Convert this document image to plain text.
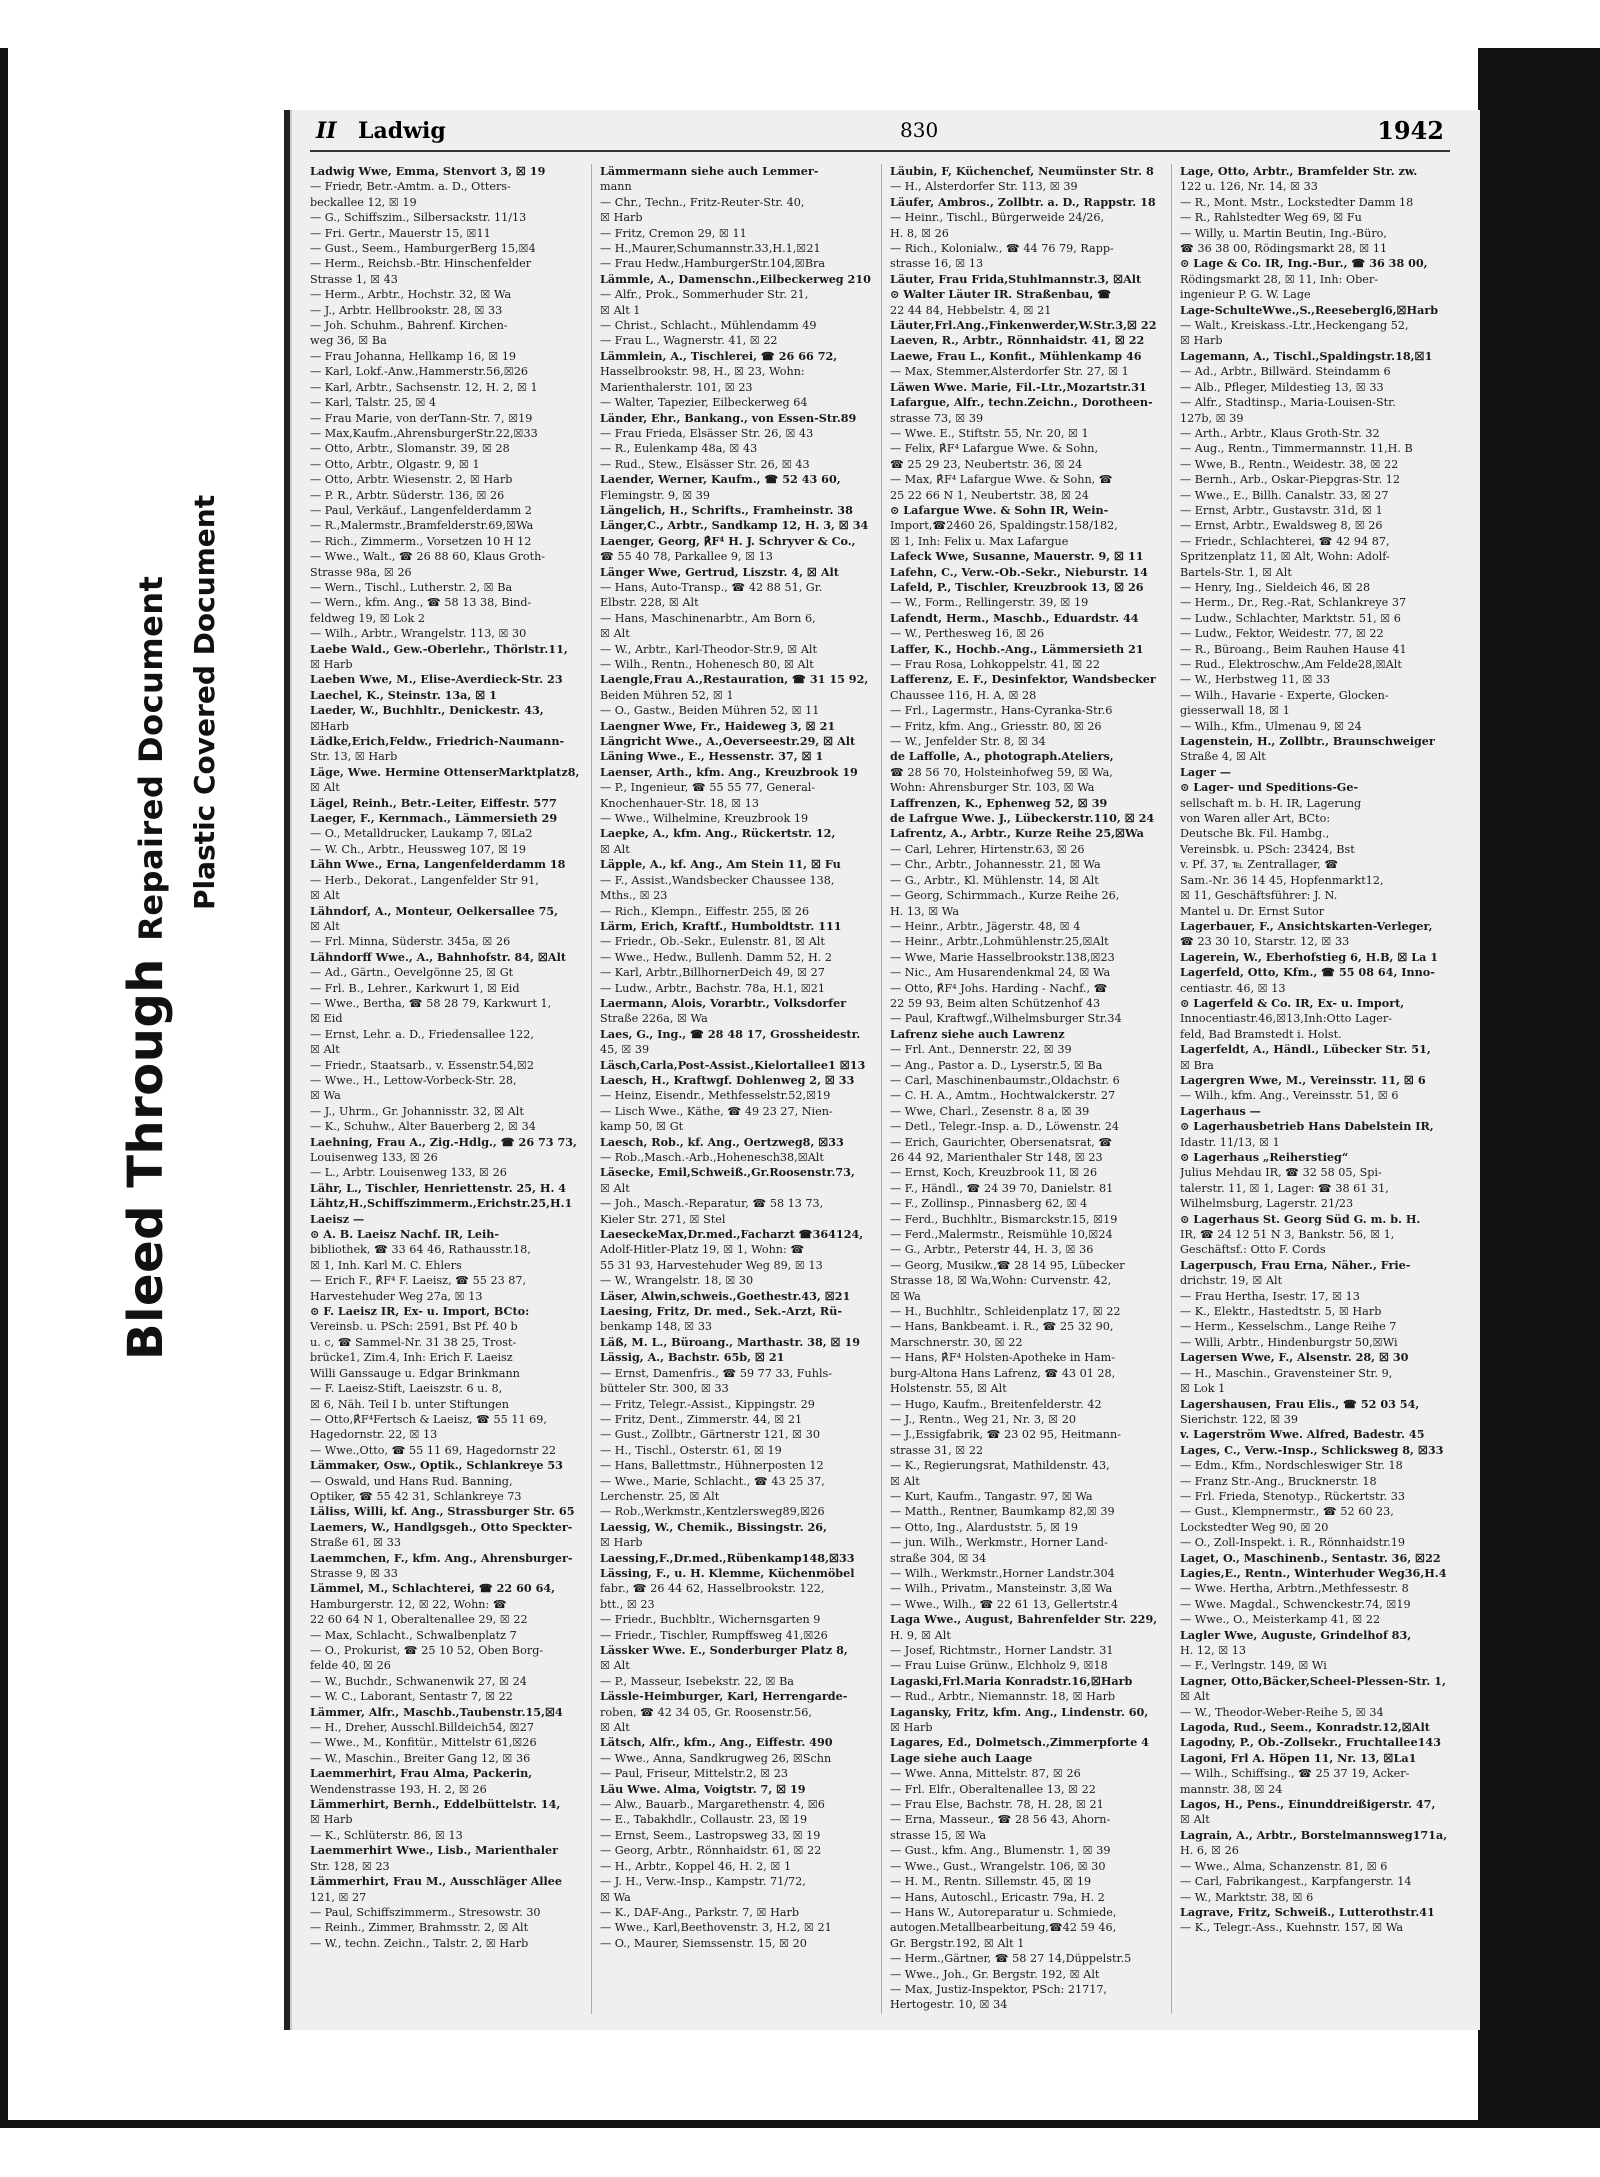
Bleed Through Repaired Document Plastic Covered Document
II Ladwig	830	1942
Ladwig Wwe, Emma, Stenvort 3, ☒ 19
— Friedr, Betr.-Amtm. a. D., Otters-
beckallee 12, ☒ 19
— G., Schiffszim., Silbersackstr. 11/13
— Fri. Gertr., Mauerstr 15, ☒11
— Gust., Seem., HamburgerBerg 15,☒4
— Herm., Reichsb.-Btr. Hinschenfelder
Strasse 1, ☒ 43
— Herm., Arbtr., Hochstr. 32, ☒ Wa
— J., Arbtr. Hellbrookstr. 28, ☒ 33
— Joh. Schuhm., Bahrenf. Kirchen-
weg 36, ☒ Ba
— Frau Johanna, Hellkamp 16, ☒ 19
— Karl, Lokf.-Anw.,Hammerstr.56,☒26
— Karl, Arbtr., Sachsenstr. 12, H. 2, ☒ 1
— Karl, Talstr. 25, ☒ 4
— Frau Marie, von derTann-Str. 7, ☒19
— Max,Kaufm.,AhrensburgerStr.22,☒33
— Otto, Arbtr., Slomanstr. 39, ☒ 28
— Otto, Arbtr., Olgastr. 9, ☒ 1
— Otto, Arbtr. Wiesenstr. 2, ☒ Harb
— P. R., Arbtr. Süderstr. 136, ☒ 26
— Paul, Verkäuf., Langenfelderdamm 2
— R.,Malermstr.,Bramfelderstr.69,☒Wa
— Rich., Zimmerm., Vorsetzen 10 H 12
— Wwe., Walt., ☎ 26 88 60, Klaus Groth-
Strasse 98a, ☒ 26
— Wern., Tischl., Lutherstr. 2, ☒ Ba
— Wern., kfm. Ang., ☎ 58 13 38, Bind-
feldweg 19, ☒ Lok 2
— Wilh., Arbtr., Wrangelstr. 113, ☒ 30
Laebe Wald., Gew.-Oberlehr., Thörlstr.11,
☒ Harb
Laeben Wwe, M., Elise-Averdieck-Str. 23
Laechel, K., Steinstr. 13a, ☒ 1
Laeder, W., Buchhltr., Denickestr. 43,
☒Harb
Lädke,Erich,Feldw., Friedrich-Naumann-
Str. 13, ☒ Harb
Läge, Wwe. Hermine OttenserMarktplatz8,
☒ Alt
Lägel, Reinh., Betr.-Leiter, Eiffestr. 577
Laeger, F., Kernmach., Lämmersieth 29
— O., Metalldrucker, Laukamp 7, ☒La2
— W. Ch., Arbtr., Heussweg 107, ☒ 19
Lähn Wwe., Erna, Langenfelderdamm 18
— Herb., Dekorat., Langenfelder Str 91,
☒ Alt
Lähndorf, A., Monteur, Oelkersallee 75,
☒ Alt
— Frl. Minna, Süderstr. 345a, ☒ 26
Lähndorff Wwe., A., Bahnhofstr. 84, ☒Alt
— Ad., Gärtn., Oevelgönne 25, ☒ Gt
— Frl. B., Lehrer., Karkwurt 1, ☒ Eid
— Wwe., Bertha, ☎ 58 28 79, Karkwurt 1,
☒ Eid
— Ernst, Lehr. a. D., Friedensallee 122,
☒ Alt
— Friedr., Staatsarb., v. Essenstr.54,☒2
— Wwe., H., Lettow-Vorbeck-Str. 28,
☒ Wa
— J., Uhrm., Gr. Johannisstr. 32, ☒ Alt
— K., Schuhw., Alter Bauerberg 2, ☒ 34
Laehning, Frau A., Zig.-Hdlg., ☎ 26 73 73,
Louisenweg 133, ☒ 26
— L., Arbtr. Louisenweg 133, ☒ 26
Lähr, L., Tischler, Henriettenstr. 25, H. 4
Lähtz,H.,Schiffszimmerm.,Erichstr.25,H.1
Laeisz —
⊙ A. B. Laeisz Nachf. IR, Leih-
bibliothek, ☎ 33 64 46, Rathausstr.18,
☒ 1, Inh. Karl M. C. Ehlers
— Erich F., ℟F⁴ F. Laeisz, ☎ 55 23 87,
Harvestehuder Weg 27a, ☒ 13
⊙ F. Laeisz IR, Ex- u. Import, BCto:
Vereinsb. u. PSch: 2591, Bst Pf. 40 b
u. c, ☎ Sammel-Nr. 31 38 25, Trost-
brücke1, Zim.4, Inh: Erich F. Laeisz
Willi Ganssauge u. Edgar Brinkmann
— F. Laeisz-Stift, Laeiszstr. 6 u. 8,
☒ 6, Näh. Teil I b. unter Stiftungen
— Otto,℟F⁴Fertsch & Laeisz, ☎ 55 11 69,
Hagedornstr. 22, ☒ 13
— Wwe.,Otto, ☎ 55 11 69, Hagedornstr 22
Lämmaker, Osw., Optik., Schlankreye 53
— Oswald, und Hans Rud. Banning,
Optiker, ☎ 55 42 31, Schlankreye 73
Läliss, Willi, kf. Ang., Strassburger Str. 65
Laemers, W., Handlgsgeh., Otto Speckter-
Straße 61, ☒ 33
Laemmchen, F., kfm. Ang., Ahrensburger-
Strasse 9, ☒ 33
Lämmel, M., Schlachterei, ☎ 22 60 64,
Hamburgerstr. 12, ☒ 22, Wohn: ☎
22 60 64 N 1, Oberaltenallee 29, ☒ 22
— Max, Schlacht., Schwalbenplatz 7
— O., Prokurist, ☎ 25 10 52, Oben Borg-
felde 40, ☒ 26
— W., Buchdr., Schwanenwik 27, ☒ 24
— W. C., Laborant, Sentastr 7, ☒ 22
Lämmer, Alfr., Maschb.,Taubenstr.15,☒4
— H., Dreher, Ausschl.Billdeich54, ☒27
— Wwe., M., Konfitür., Mittelstr 61,☒26
— W., Maschin., Breiter Gang 12, ☒ 36
Laemmerhirt, Frau Alma, Packerin,
Wendenstrasse 193, H. 2, ☒ 26
Lämmerhirt, Bernh., Eddelbüttelstr. 14,
☒ Harb
— K., Schlüterstr. 86, ☒ 13
Laemmerhirt Wwe., Lisb., Marienthaler
Str. 128, ☒ 23
Lämmerhirt, Frau M., Ausschläger Allee
121, ☒ 27
— Paul, Schiffszimmerm., Stresowstr. 30
— Reinh., Zimmer, Brahmsstr. 2, ☒ Alt
— W., techn. Zeichn., Talstr. 2, ☒ Harb
Lämmermann siehe auch Lemmer-
mann
— Chr., Techn., Fritz-Reuter-Str. 40,
☒ Harb
— Fritz, Cremon 29, ☒ 11
— H.,Maurer,Schumannstr.33,H.1,☒21
— Frau Hedw.,HamburgerStr.104,☒Bra
Lämmle, A., Damenschn.,Eilbeckerweg 210
— Alfr., Prok., Sommerhuder Str. 21,
☒ Alt 1
— Christ., Schlacht., Mühlendamm 49
— Frau L., Wagnerstr. 41, ☒ 22
Lämmlein, A., Tischlerei, ☎ 26 66 72,
Hasselbrookstr. 98, H., ☒ 23, Wohn:
Marienthalerstr. 101, ☒ 23
— Walter, Tapezier, Eilbeckerweg 64
Länder, Ehr., Bankang., von Essen-Str.89
— Frau Frieda, Elsässer Str. 26, ☒ 43
— R., Eulenkamp 48a, ☒ 43
— Rud., Stew., Elsässer Str. 26, ☒ 43
Laender, Werner, Kaufm., ☎ 52 43 60,
Flemingstr. 9, ☒ 39
Längelich, H., Schrifts., Framheinstr. 38
Länger,C., Arbtr., Sandkamp 12, H. 3, ☒ 34
Laenger, Georg, ℟F⁴ H. J. Schryver & Co.,
☎ 55 40 78, Parkallee 9, ☒ 13
Länger Wwe, Gertrud, Liszstr. 4, ☒ Alt
— Hans, Auto-Transp., ☎ 42 88 51, Gr.
Elbstr. 228, ☒ Alt
— Hans, Maschinenarbtr., Am Born 6,
☒ Alt
— W., Arbtr., Karl-Theodor-Str.9, ☒ Alt
— Wilh., Rentn., Hohenesch 80, ☒ Alt
Laengle,Frau A.,Restauration, ☎ 31 15 92,
Beiden Mühren 52, ☒ 1
— O., Gastw., Beiden Mühren 52, ☒ 11
Laengner Wwe, Fr., Haideweg 3, ☒ 21
Längricht Wwe., A.,Oeverseestr.29, ☒ Alt
Läning Wwe., E., Hessenstr. 37, ☒ 1
Laenser, Arth., kfm. Ang., Kreuzbrook 19
— P., Ingenieur, ☎ 55 55 77, General-
Knochenhauer-Str. 18, ☒ 13
— Wwe., Wilhelmine, Kreuzbrook 19
Laepke, A., kfm. Ang., Rückertstr. 12,
☒ Alt
Läpple, A., kf. Ang., Am Stein 11, ☒ Fu
— F., Assist.,Wandsbecker Chaussee 138,
Mths., ☒ 23
— Rich., Klempn., Eiffestr. 255, ☒ 26
Lärm, Erich, Kraftf., Humboldtstr. 111
— Friedr., Ob.-Sekr., Eulenstr. 81, ☒ Alt
— Wwe., Hedw., Bullenh. Damm 52, H. 2
— Karl, Arbtr.,BillhornerDeich 49, ☒ 27
— Ludw., Arbtr., Bachstr. 78a, H.1, ☒21
Laermann, Alois, Vorarbtr., Volksdorfer
Straße 226a, ☒ Wa
Laes, G., Ing., ☎ 28 48 17, Grossheidestr.
45, ☒ 39
Läsch,Carla,Post-Assist.,Kielortallee1 ☒13
Laesch, H., Kraftwgf. Dohlenweg 2, ☒ 33
— Heinz, Eisendr., Methfesselstr.52,☒19
— Lisch Wwe., Käthe, ☎ 49 23 27, Nien-
kamp 50, ☒ Gt
Laesch, Rob., kf. Ang., Oertzweg8, ☒33
— Rob.,Masch.-Arb.,Hohenesch38,☒Alt
Läsecke, Emil,Schweiß.,Gr.Roosenstr.73,
☒ Alt
— Joh., Masch.-Reparatur, ☎ 58 13 73,
Kieler Str. 271, ☒ Stel
LaeseckeMax,Dr.med.,Facharzt ☎364124,
Adolf-Hitler-Platz 19, ☒ 1, Wohn: ☎
55 31 93, Harvestehuder Weg 89, ☒ 13
— W., Wrangelstr. 18, ☒ 30
Läser, Alwin,schweis.,Goethestr.43, ☒21
Laesing, Fritz, Dr. med., Sek.-Arzt, Rü-
benkamp 148, ☒ 33
Läß, M. L., Büroang., Marthastr. 38, ☒ 19
Lässig, A., Bachstr. 65b, ☒ 21
— Ernst, Damenfris., ☎ 59 77 33, Fuhls-
bütteler Str. 300, ☒ 33
— Fritz, Telegr.-Assist., Kippingstr. 29
— Fritz, Dent., Zimmerstr. 44, ☒ 21
— Gust., Zollbtr., Gärtnerstr 121, ☒ 30
— H., Tischl., Osterstr. 61, ☒ 19
— Hans, Ballettmstr., Hühnerposten 12
— Wwe., Marie, Schlacht., ☎ 43 25 37,
Lerchenstr. 25, ☒ Alt
— Rob.,Werkmstr.,Kentzlersweg89,☒26
Laessig, W., Chemik., Bissingstr. 26,
☒ Harb
Laessing,F.,Dr.med.,Rübenkamp148,☒33
Lässing, F., u. H. Klemme, Küchenmöbel
fabr., ☎ 26 44 62, Hasselbrookstr. 122,
btt., ☒ 23
— Friedr., Buchbltr., Wichernsgarten 9
— Friedr., Tischler, Rumpffsweg 41,☒26
Lässker Wwe. E., Sonderburger Platz 8,
☒ Alt
— P., Masseur, Isebekstr. 22, ☒ Ba
Lässle-Heimburger, Karl, Herrengarde-
roben, ☎ 42 34 05, Gr. Roosenstr.56,
☒ Alt
Lätsch, Alfr., kfm., Ang., Eiffestr. 490
— Wwe., Anna, Sandkrugweg 26, ☒Schn
— Paul, Friseur, Mittelstr.2, ☒ 23
Läu Wwe. Alma, Voigtstr. 7, ☒ 19
— Alw., Bauarb., Margarethenstr. 4, ☒6
— E., Tabakhdlr., Collaustr. 23, ☒ 19
— Ernst, Seem., Lastropsweg 33, ☒ 19
— Georg, Arbtr., Rönnhaidstr. 61, ☒ 22
— H., Arbtr., Koppel 46, H. 2, ☒ 1
— J. H., Verw.-Insp., Kampstr. 71/72,
☒ Wa
— K., DAF-Ang., Parkstr. 7, ☒ Harb
— Wwe., Karl,Beethovenstr. 3, H.2, ☒ 21
— O., Maurer, Siemssenstr. 15, ☒ 20
Läubin, F, Küchenchef, Neumünster Str. 8
— H., Alsterdorfer Str. 113, ☒ 39
Läufer, Ambros., Zollbtr. a. D., Rappstr. 18
— Heinr., Tischl., Bürgerweide 24/26,
H. 8, ☒ 26
— Rich., Kolonialw., ☎ 44 76 79, Rapp-
strasse 16, ☒ 13
Läuter, Frau Frida,Stuhlmannstr.3, ☒Alt
⊙ Walter Läuter IR. Straßenbau, ☎
22 44 84, Hebbelstr. 4, ☒ 21
Läuter,Frl.Ang.,Finkenwerder,W.Str.3,☒ 22
Laeven, R., Arbtr., Rönnhaidstr. 41, ☒ 22
Laewe, Frau L., Konfit., Mühlenkamp 46
— Max, Stemmer,Alsterdorfer Str. 27, ☒ 1
Läwen Wwe. Marie, Fil.-Ltr.,Mozartstr.31
Lafargue, Alfr., techn.Zeichn., Dorotheen-
strasse 73, ☒ 39
— Wwe. E., Stiftstr. 55, Nr. 20, ☒ 1
— Felix, ℟F⁴ Lafargue Wwe. & Sohn,
☎ 25 29 23, Neubertstr. 36, ☒ 24
— Max, ℟F⁴ Lafargue Wwe. & Sohn, ☎
25 22 66 N 1, Neubertstr. 38, ☒ 24
⊙ Lafargue Wwe. & Sohn IR, Wein-
Import,☎2460 26, Spaldingstr.158/182,
☒ 1, Inh: Felix u. Max Lafargue
Lafeck Wwe, Susanne, Mauerstr. 9, ☒ 11
Lafehn, C., Verw.-Ob.-Sekr., Nieburstr. 14
Lafeld, P., Tischler, Kreuzbrook 13, ☒ 26
— W., Form., Rellingerstr. 39, ☒ 19
Lafendt, Herm., Maschb., Eduardstr. 44
— W., Perthesweg 16, ☒ 26
Laffer, K., Hochb.-Ang., Lämmersieth 21
— Frau Rosa, Lohkoppelstr. 41, ☒ 22
Lafferenz, E. F., Desinfektor, Wandsbecker
Chaussee 116, H. A, ☒ 28
— Frl., Lagermstr., Hans-Cyranka-Str.6
— Fritz, kfm. Ang., Griesstr. 80, ☒ 26
— W., Jenfelder Str. 8, ☒ 34
de Laffolle, A., photograph.Ateliers,
☎ 28 56 70, Holsteinhofweg 59, ☒ Wa,
Wohn: Ahrensburger Str. 103, ☒ Wa
Laffrenzen, K., Ephenweg 52, ☒ 39
de Lafrgue Wwe. J., Lübeckerstr.110, ☒ 24
Lafrentz, A., Arbtr., Kurze Reihe 25,☒Wa
— Carl, Lehrer, Hirtenstr.63, ☒ 26
— Chr., Arbtr., Johannesstr. 21, ☒ Wa
— G., Arbtr., Kl. Mühlenstr. 14, ☒ Alt
— Georg, Schirmmach., Kurze Reihe 26,
H. 13, ☒ Wa
— Heinr., Arbtr., Jägerstr. 48, ☒ 4
— Heinr., Arbtr.,Lohmühlenstr.25,☒Alt
— Wwe, Marie Hasselbrookstr.138,☒23
— Nic., Am Husarendenkmal 24, ☒ Wa
— Otto, ℟F⁴ Johs. Harding - Nachf., ☎
22 59 93, Beim alten Schützenhof 43
— Paul, Kraftwgf.,Wilhelmsburger Str.34
Lafrenz siehe auch Lawrenz
— Frl. Ant., Dennerstr. 22, ☒ 39
— Ang., Pastor a. D., Lyserstr.5, ☒ Ba
— Carl, Maschinenbaumstr.,Oldachstr. 6
— C. H. A., Amtm., Hochtwalckerstr. 27
— Wwe, Charl., Zesenstr. 8 a, ☒ 39
— Detl., Telegr.-Insp. a. D., Löwenstr. 24
— Erich, Gaurichter, Obersenatsrat, ☎
26 44 92, Marienthaler Str 148, ☒ 23
— Ernst, Koch, Kreuzbrook 11, ☒ 26
— F., Händl., ☎ 24 39 70, Danielstr. 81
— F., Zollinsp., Pinnasberg 62, ☒ 4
— Ferd., Buchhltr., Bismarckstr.15, ☒19
— Ferd.,Malermstr., Reismühle 10,☒24
— G., Arbtr., Peterstr 44, H. 3, ☒ 36
— Georg, Musikw.,☎ 28 14 95, Lübecker
Strasse 18, ☒ Wa,Wohn: Curvenstr. 42,
☒ Wa
— H., Buchhltr., Schleidenplatz 17, ☒ 22
— Hans, Bankbeamt. i. R., ☎ 25 32 90,
Marschnerstr. 30, ☒ 22
— Hans, ℟F⁴ Holsten-Apotheke in Ham-
burg-Altona Hans Lafrenz, ☎ 43 01 28,
Holstenstr. 55, ☒ Alt
— Hugo, Kaufm., Breitenfelderstr. 42
— J., Rentn., Weg 21, Nr. 3, ☒ 20
— J.,Essigfabrik, ☎ 23 02 95, Heitmann-
strasse 31, ☒ 22
— K., Regierungsrat, Mathildenstr. 43,
☒ Alt
— Kurt, Kaufm., Tangastr. 97, ☒ Wa
— Matth., Rentner, Baumkamp 82,☒ 39
— Otto, Ing., Alarduststr. 5, ☒ 19
— jun. Wilh., Werkmstr., Horner Land-
straße 304, ☒ 34
— Wilh., Werkmstr.,Horner Landstr.304
— Wilh., Privatm., Mansteinstr. 3,☒ Wa
— Wwe., Wilh., ☎ 22 61 13, Gellertstr.4
Laga Wwe., August, Bahrenfelder Str. 229,
H. 9, ☒ Alt
— Josef, Richtmstr., Horner Landstr. 31
— Frau Luise Grünw., Elchholz 9, ☒18
Lagaski,Frl.Maria Konradstr.16,☒Harb
— Rud., Arbtr., Niemannstr. 18, ☒ Harb
Lagansky, Fritz, kfm. Ang., Lindenstr. 60,
☒ Harb
Lagares, Ed., Dolmetsch.,Zimmerpforte 4
Lage siehe auch Laage
— Wwe. Anna, Mittelstr. 87, ☒ 26
— Frl. Elfr., Oberaltenallee 13, ☒ 22
— Frau Else, Bachstr. 78, H. 28, ☒ 21
— Erna, Masseur., ☎ 28 56 43, Ahorn-
strasse 15, ☒ Wa
— Gust., kfm. Ang., Blumenstr. 1, ☒ 39
— Wwe., Gust., Wrangelstr. 106, ☒ 30
— H. M., Rentn. Sillemstr. 45, ☒ 19
— Hans, Autoschl., Ericastr. 79a, H. 2
— Hans W., Autoreparatur u. Schmiede,
autogen.Metallbearbeitung,☎42 59 46,
Gr. Bergstr.192, ☒ Alt 1
— Herm.,Gärtner, ☎ 58 27 14,Düppelstr.5
— Wwe., Joh., Gr. Bergstr. 192, ☒ Alt
— Max, Justiz-Inspektor, PSch: 21717,
Hertogestr. 10, ☒ 34
Lage, Otto, Arbtr., Bramfelder Str. zw.
122 u. 126, Nr. 14, ☒ 33
— R., Mont. Mstr., Lockstedter Damm 18
— R., Rahlstedter Weg 69, ☒ Fu
— Willy, u. Martin Beutin, Ing.-Büro,
☎ 36 38 00, Rödingsmarkt 28, ☒ 11
⊙ Lage & Co. IR, Ing.-Bur., ☎ 36 38 00,
Rödingsmarkt 28, ☒ 11, Inh: Ober-
ingenieur P. G. W. Lage
Lage-SchulteWwe.,S.,Reesebergl6,☒Harb
— Walt., Kreiskass.-Ltr.,Heckengang 52,
☒ Harb
Lagemann, A., Tischl.,Spaldingstr.18,☒1
— Ad., Arbtr., Billwärd. Steindamm 6
— Alb., Pfleger, Mildestieg 13, ☒ 33
— Alfr., Stadtinsp., Maria-Louisen-Str.
127b, ☒ 39
— Arth., Arbtr., Klaus Groth-Str. 32
— Aug., Rentn., Timmermannstr. 11,H. B
— Wwe, B., Rentn., Weidestr. 38, ☒ 22
— Bernh., Arb., Oskar-Piepgras-Str. 12
— Wwe., E., Billh. Canalstr. 33, ☒ 27
— Ernst, Arbtr., Gustavstr. 31d, ☒ 1
— Ernst, Arbtr., Ewaldsweg 8, ☒ 26
— Friedr., Schlachterei, ☎ 42 94 87,
Spritzenplatz 11, ☒ Alt, Wohn: Adolf-
Bartels-Str. 1, ☒ Alt
— Henry, Ing., Sieldeich 46, ☒ 28
— Herm., Dr., Reg.-Rat, Schlankreye 37
— Ludw., Schlachter, Marktstr. 51, ☒ 6
— Ludw., Fektor, Weidestr. 77, ☒ 22
— R., Büroang., Beim Rauhen Hause 41
— Rud., Elektroschw.,Am Felde28,☒Alt
— W., Herbstweg 11, ☒ 33
— Wilh., Havarie - Experte, Glocken-
giesserwall 18, ☒ 1
— Wilh., Kfm., Ulmenau 9, ☒ 24
Lagenstein, H., Zollbtr., Braunschweiger
Straße 4, ☒ Alt
Lager —
⊙ Lager- und Speditions-Ge-
sellschaft m. b. H. IR, Lagerung
von Waren aller Art, BCto:
Deutsche Bk. Fil. Hambg.,
Vereinsbk. u. PSch: 23424, Bst
v. Pf. 37, ℡ Zentrallager, ☎
Sam.-Nr. 36 14 45, Hopfenmarkt12,
☒ 11, Geschäftsführer: J. N.
Mantel u. Dr. Ernst Sutor
Lagerbauer, F., Ansichtskarten-Verleger,
☎ 23 30 10, Starstr. 12, ☒ 33
Lagerein, W., Eberhofstieg 6, H.B, ☒ La 1
Lagerfeld, Otto, Kfm., ☎ 55 08 64, Inno-
centiastr. 46, ☒ 13
⊙ Lagerfeld & Co. IR, Ex- u. Import,
Innocentiastr.46,☒13,Inh:Otto Lager-
feld, Bad Bramstedt i. Holst.
Lagerfeldt, A., Händl., Lübecker Str. 51,
☒ Bra
Lagergren Wwe, M., Vereinsstr. 11, ☒ 6
— Wilh., kfm. Ang., Vereinsstr. 51, ☒ 6
Lagerhaus —
⊙ Lagerhausbetrieb Hans Dabelstein IR,
Idastr. 11/13, ☒ 1
⊙ Lagerhaus „Reiherstieg“
Julius Mehdau IR, ☎ 32 58 05, Spi-
talerstr. 11, ☒ 1, Lager: ☎ 38 61 31,
Wilhelmsburg, Lagerstr. 21/23
⊙ Lagerhaus St. Georg Süd G. m. b. H.
IR, ☎ 24 12 51 N 3, Bankstr. 56, ☒ 1,
Geschäftsf.: Otto F. Cords
Lagerpusch, Frau Erna, Näher., Frie-
drichstr. 19, ☒ Alt
— Frau Hertha, Isestr. 17, ☒ 13
— K., Elektr., Hastedtstr. 5, ☒ Harb
— Herm., Kesselschm., Lange Reihe 7
— Willi, Arbtr., Hindenburgstr 50,☒Wi
Lagersen Wwe, F., Alsenstr. 28, ☒ 30
— H., Maschin., Gravensteiner Str. 9,
☒ Lok 1
Lagershausen, Frau Elis., ☎ 52 03 54,
Sierichstr. 122, ☒ 39
v. Lagerström Wwe. Alfred, Badestr. 45
Lages, C., Verw.-Insp., Schlicksweg 8, ☒33
— Edm., Kfm., Nordschleswiger Str. 18
— Franz Str.-Ang., Brucknerstr. 18
— Frl. Frieda, Stenotyp., Rückertstr. 33
— Gust., Klempnermstr., ☎ 52 60 23,
Lockstedter Weg 90, ☒ 20
— O., Zoll-Inspekt. i. R., Rönnhaidstr.19
Laget, O., Maschinenb., Sentastr. 36, ☒22
Lagies,E., Rentn., Winterhuder Weg36,H.4
— Wwe. Hertha, Arbtrn.,Methfessestr. 8
— Wwe. Magdal., Schwenckestr.74, ☒19
— Wwe., O., Meisterkamp 41, ☒ 22
Lagler Wwe, Auguste, Grindelhof 83,
H. 12, ☒ 13
— F., Verlngstr. 149, ☒ Wi
Lagner, Otto,Bäcker,Scheel-Plessen-Str. 1,
☒ Alt
— W., Theodor-Weber-Reihe 5, ☒ 34
Lagoda, Rud., Seem., Konradstr.12,☒Alt
Lagodny, P., Ob.-Zollsekr., Fruchtallee143
Lagoni, Frl A. Höpen 11, Nr. 13, ☒La1
— Wilh., Schiffsing., ☎ 25 37 19, Acker-
mannstr. 38, ☒ 24
Lagos, H., Pens., Einunddreißigerstr. 47,
☒ Alt
Lagrain, A., Arbtr., Borstelmannsweg171a,
H. 6, ☒ 26
— Wwe., Alma, Schanzenstr. 81, ☒ 6
— Carl, Fabrikangest., Karpfangerstr. 14
— W., Marktstr. 38, ☒ 6
Lagrave, Fritz, Schweiß., Lutterothstr.41
— K., Telegr.-Ass., Kuehnstr. 157, ☒ Wa
